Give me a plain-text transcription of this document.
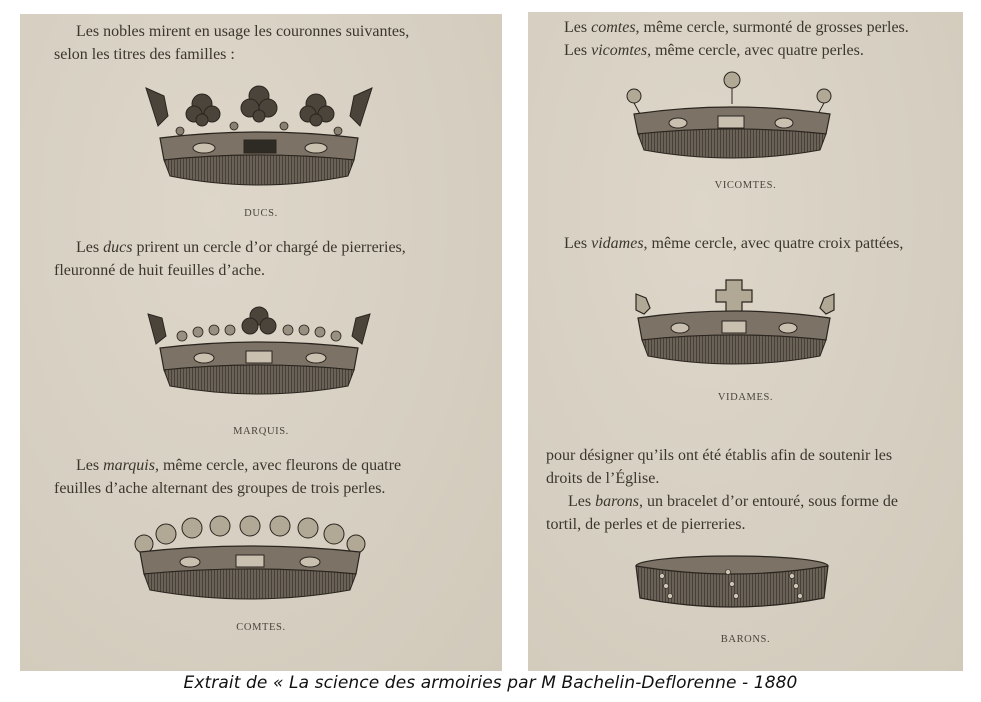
Les nobles mirent en usage les couronnes suivantes,
selon les titres des familles :
DUCS.
Les ducs prirent un cercle d’or chargé de pierreries,
fleuronné de huit feuilles d’ache.
MARQUIS.
Les marquis, même cercle, avec fleurons de quatre
feuilles d’ache alternant des groupes de trois perles.
COMTES.
Les comtes, même cercle, surmonté de grosses perles.
Les vicomtes, même cercle, avec quatre perles.
VICOMTES.
Les vidames, même cercle, avec quatre croix pattées,
VIDAMES.
pour désigner qu’ils ont été établis afin de soutenir les
droits de l’Église.
Les barons, un bracelet d’or entouré, sous forme de
tortil, de perles et de pierreries.
BARONS.
Extrait de « La science des armoiries par M Bachelin-Deflorenne - 1880
